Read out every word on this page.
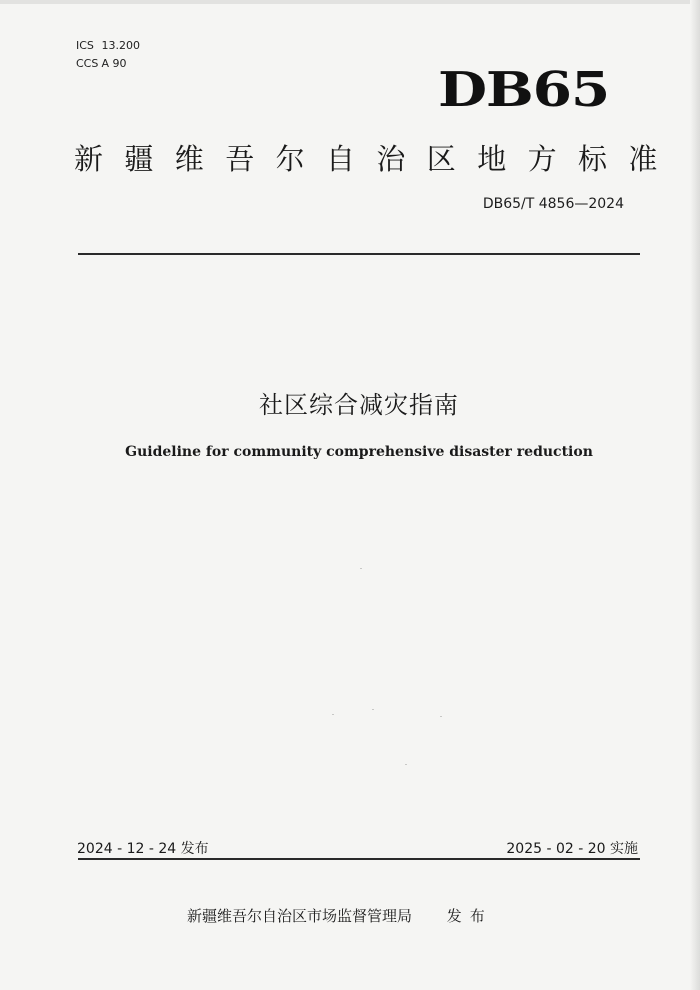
ICS 13.200
CCS A 90	DB65
新疆维吾尔自治区地方标准
DB65/T 4856—2024
社区综合减灾指南
Guideline for community comprehensive disaster reduction
2024 - 12 - 24 发布	2025 - 02 - 20 实施
新疆维吾尔自治区市场监督管理局 发布
